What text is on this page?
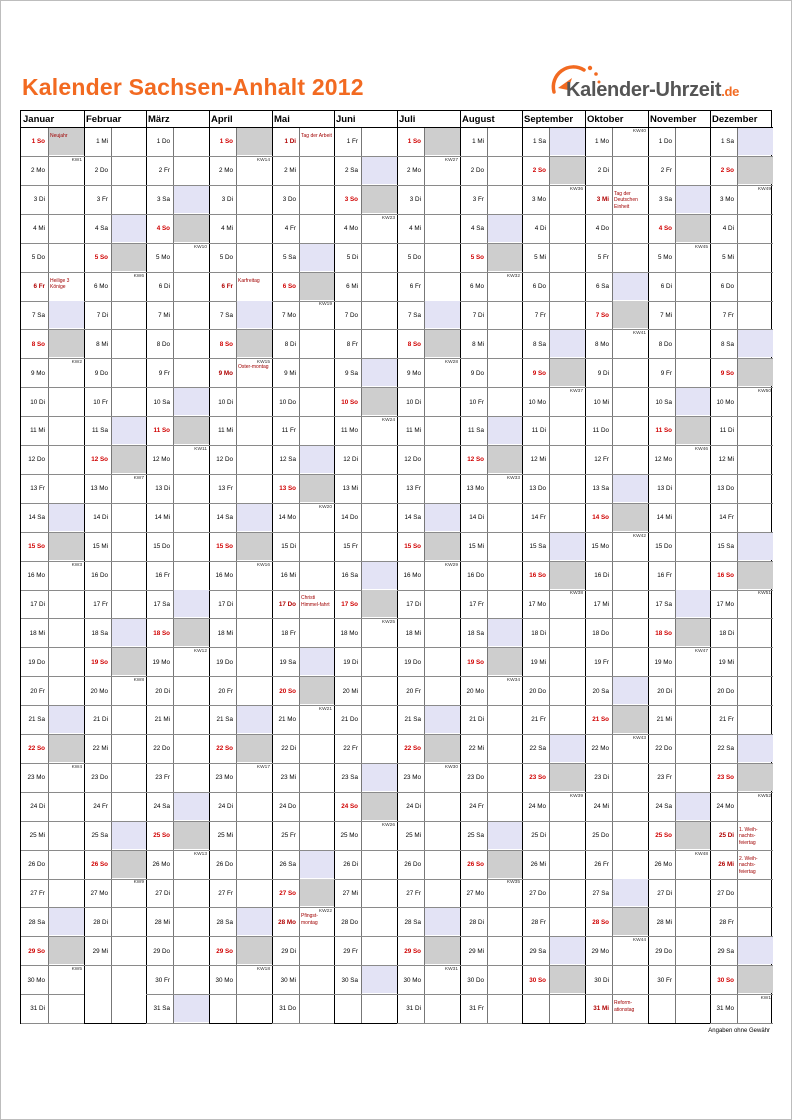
Kalender Sachsen-Anhalt 2012	Kalender-Uhrzeit.de
Januar
1 So
Neujahr
2 Mo
KW1
3 Di
4 Mi
5 Do
6 Fr
Heilige 3 Könige
7 Sa
8 So
9 Mo
KW2
10 Di
11 Mi
12 Do
13 Fr
14 Sa
15 So
16 Mo
KW3
17 Di
18 Mi
19 Do
20 Fr
21 Sa
22 So
23 Mo
KW4
24 Di
25 Mi
26 Do
27 Fr
28 Sa
29 So
30 Mo
KW5
31 Di
Februar
1 Mi
2 Do
3 Fr
4 Sa
5 So
6 Mo
KW6
7 Di
8 Mi
9 Do
10 Fr
11 Sa
12 So
13 Mo
KW7
14 Di
15 Mi
16 Do
17 Fr
18 Sa
19 So
20 Mo
KW8
21 Di
22 Mi
23 Do
24 Fr
25 Sa
26 So
27 Mo
KW9
28 Di
29 Mi
März
1 Do
2 Fr
3 Sa
4 So
5 Mo
KW10
6 Di
7 Mi
8 Do
9 Fr
10 Sa
11 So
12 Mo
KW11
13 Di
14 Mi
15 Do
16 Fr
17 Sa
18 So
19 Mo
KW12
20 Di
21 Mi
22 Do
23 Fr
24 Sa
25 So
26 Mo
KW13
27 Di
28 Mi
29 Do
30 Fr
31 Sa
April
1 So
2 Mo
KW14
3 Di
4 Mi
5 Do
6 Fr
Karfreitag
7 Sa
8 So
9 Mo
Oster-montag
KW15
10 Di
11 Mi
12 Do
13 Fr
14 Sa
15 So
16 Mo
KW16
17 Di
18 Mi
19 Do
20 Fr
21 Sa
22 So
23 Mo
KW17
24 Di
25 Mi
26 Do
27 Fr
28 Sa
29 So
30 Mo
KW18
Mai
1 Di
Tag der Arbeit
2 Mi
3 Do
4 Fr
5 Sa
6 So
7 Mo
KW19
8 Di
9 Mi
10 Do
11 Fr
12 Sa
13 So
14 Mo
KW20
15 Di
16 Mi
17 Do
Christi Himmel-fahrt
18 Fr
19 Sa
20 So
21 Mo
KW21
22 Di
23 Mi
24 Do
25 Fr
26 Sa
27 So
28 Mo
Pfingst-montag
KW22
29 Di
30 Mi
31 Do
Juni
1 Fr
2 Sa
3 So
4 Mo
KW23
5 Di
6 Mi
7 Do
8 Fr
9 Sa
10 So
11 Mo
KW24
12 Di
13 Mi
14 Do
15 Fr
16 Sa
17 So
18 Mo
KW25
19 Di
20 Mi
21 Do
22 Fr
23 Sa
24 So
25 Mo
KW26
26 Di
27 Mi
28 Do
29 Fr
30 Sa
Juli
1 So
2 Mo
KW27
3 Di
4 Mi
5 Do
6 Fr
7 Sa
8 So
9 Mo
KW28
10 Di
11 Mi
12 Do
13 Fr
14 Sa
15 So
16 Mo
KW29
17 Di
18 Mi
19 Do
20 Fr
21 Sa
22 So
23 Mo
KW30
24 Di
25 Mi
26 Do
27 Fr
28 Sa
29 So
30 Mo
KW31
31 Di
August
1 Mi
2 Do
3 Fr
4 Sa
5 So
6 Mo
KW32
7 Di
8 Mi
9 Do
10 Fr
11 Sa
12 So
13 Mo
KW33
14 Di
15 Mi
16 Do
17 Fr
18 Sa
19 So
20 Mo
KW34
21 Di
22 Mi
23 Do
24 Fr
25 Sa
26 So
27 Mo
KW35
28 Di
29 Mi
30 Do
31 Fr
September
1 Sa
2 So
3 Mo
KW36
4 Di
5 Mi
6 Do
7 Fr
8 Sa
9 So
10 Mo
KW37
11 Di
12 Mi
13 Do
14 Fr
15 Sa
16 So
17 Mo
KW38
18 Di
19 Mi
20 Do
21 Fr
22 Sa
23 So
24 Mo
KW39
25 Di
26 Mi
27 Do
28 Fr
29 Sa
30 So
Oktober
1 Mo
KW40
2 Di
3 Mi
Tag der Deutschen Einheit
4 Do
5 Fr
6 Sa
7 So
8 Mo
KW41
9 Di
10 Mi
11 Do
12 Fr
13 Sa
14 So
15 Mo
KW42
16 Di
17 Mi
18 Do
19 Fr
20 Sa
21 So
22 Mo
KW43
23 Di
24 Mi
25 Do
26 Fr
27 Sa
28 So
29 Mo
KW44
30 Di
31 Mi
Reform-ationstag
November
1 Do
2 Fr
3 Sa
4 So
5 Mo
KW45
6 Di
7 Mi
8 Do
9 Fr
10 Sa
11 So
12 Mo
KW46
13 Di
14 Mi
15 Do
16 Fr
17 Sa
18 So
19 Mo
KW47
20 Di
21 Mi
22 Do
23 Fr
24 Sa
25 So
26 Mo
KW48
27 Di
28 Mi
29 Do
30 Fr
Dezember
1 Sa
2 So
3 Mo
KW49
4 Di
5 Mi
6 Do
7 Fr
8 Sa
9 So
10 Mo
KW50
11 Di
12 Mi
13 Do
14 Fr
15 Sa
16 So
17 Mo
KW51
18 Di
19 Mi
20 Do
21 Fr
22 Sa
23 So
24 Mo
KW52
25 Di
1. Weih-nachts-feiertag
26 Mi
2. Weih-nachts-feiertag
27 Do
28 Fr
29 Sa
30 So
31 Mo
KW1
Angaben ohne Gewähr
